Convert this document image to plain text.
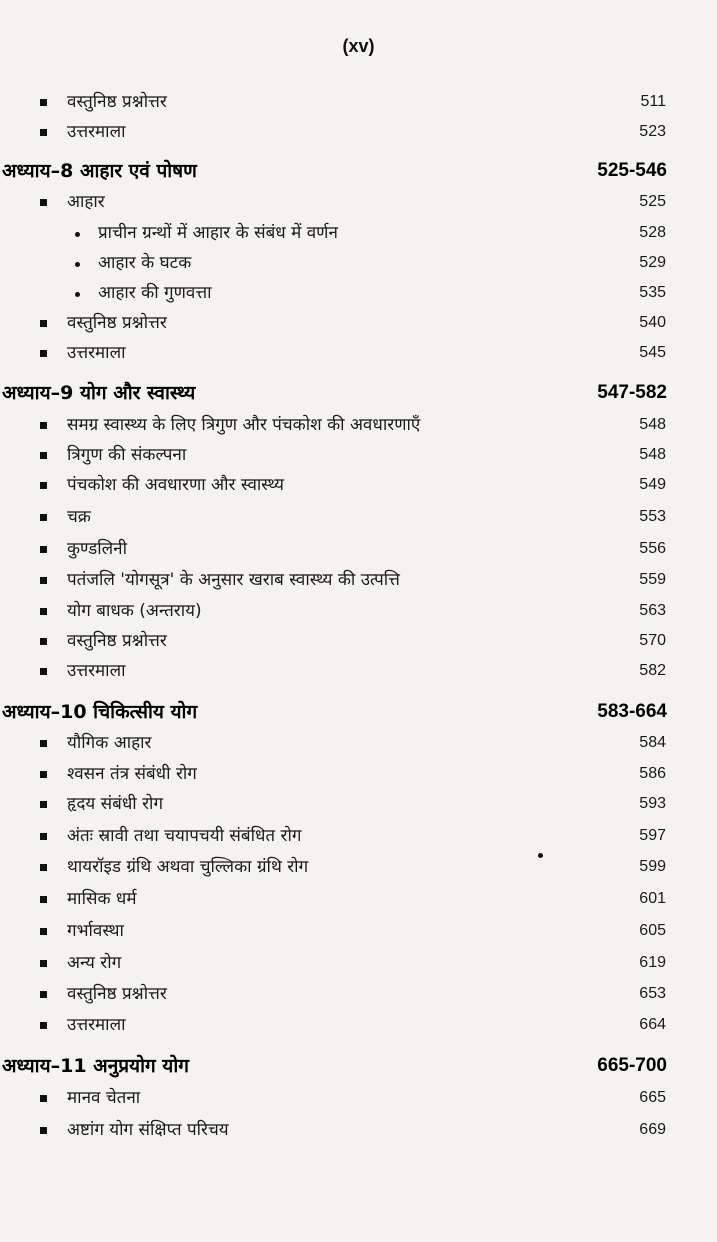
(xv)
वस्तुनिष्ठ प्रश्नोत्तर	511
उत्तरमाला	523
अध्याय–8 आहार एवं पोषण	525-546
आहार	525
प्राचीन ग्रन्थों में आहार के संबंध में वर्णन	528
आहार के घटक	529
आहार की गुणवत्ता	535
वस्तुनिष्ठ प्रश्नोत्तर	540
उत्तरमाला	545
अध्याय–9 योग और स्वास्थ्य	547-582
समग्र स्वास्थ्य के लिए त्रिगुण और पंचकोश की अवधारणाएँ	548
त्रिगुण की संकल्पना	548
पंचकोश की अवधारणा और स्वास्थ्य	549
चक्र	553
कुण्डलिनी	556
पतंजलि 'योगसूत्र' के अनुसार खराब स्वास्थ्य की उत्पत्ति	559
योग बाधक (अन्तराय)	563
वस्तुनिष्ठ प्रश्नोत्तर	570
उत्तरमाला	582
अध्याय–10 चिकित्सीय योग	583-664
यौगिक आहार	584
श्वसन तंत्र संबंधी रोग	586
हृदय संबंधी रोग	593
अंतः स्रावी तथा चयापचयी संबंधित रोग	597
थायरॉइड ग्रंथि अथवा चुल्लिका ग्रंथि रोग	599
मासिक धर्म	601
गर्भावस्था	605
अन्य रोग	619
वस्तुनिष्ठ प्रश्नोत्तर	653
उत्तरमाला	664
अध्याय–11 अनुप्रयोग योग	665-700
मानव चेतना	665
अष्टांग योग संक्षिप्त परिचय	669
